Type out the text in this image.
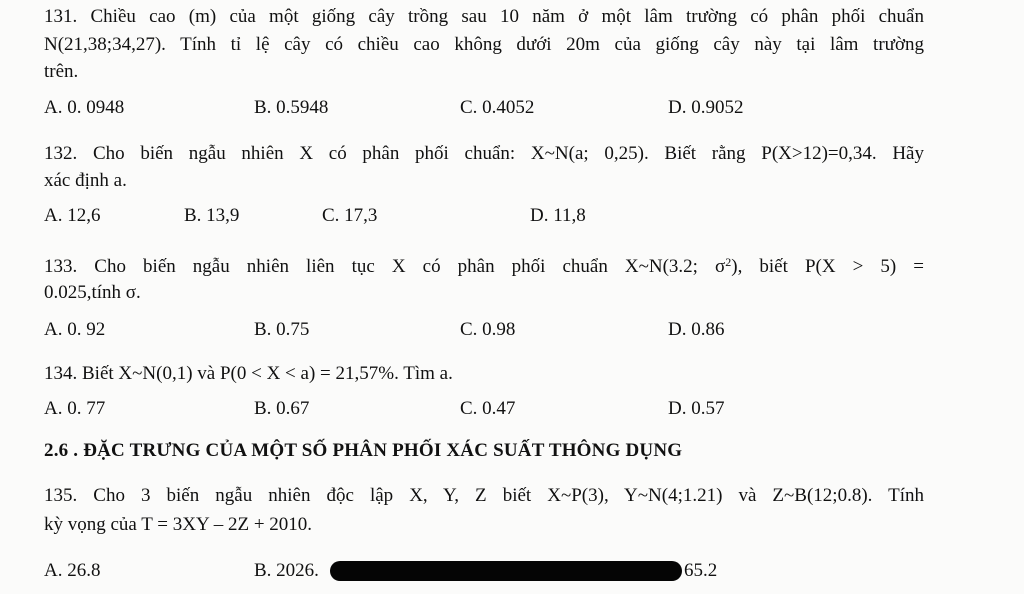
131. Chiều cao (m) của một giống cây trồng sau 10 năm ở một lâm trường có phân phối chuẩn
N(21,38;34,27). Tính tỉ lệ cây có chiều cao không dưới 20m của giống cây này tại lâm trường
trên.
A. 0. 0948	B. 0.5948	C. 0.4052	D. 0.9052
132. Cho biến ngẫu nhiên X có phân phối chuẩn: X~N(a; 0,25). Biết rằng P(X>12)=0,34. Hãy
xác định a.
A. 12,6	B. 13,9	C. 17,3	D. 11,8
133. Cho biến ngẫu nhiên liên tục X có phân phối chuẩn X~N(3.2; $\sigma^2$), biết P(X > 5) =
0.025,tính σ.
A. 0. 92	B. 0.75	C. 0.98	D. 0.86
134. Biết X~N(0,1) và P(0 < X < a) = 21,57%. Tìm a.
A. 0. 77	B. 0.67	C. 0.47	D. 0.57
2.6 . ĐẶC TRƯNG CỦA MỘT SỐ PHÂN PHỐI XÁC SUẤT THÔNG DỤNG
135. Cho 3 biến ngẫu nhiên độc lập X, Y, Z biết X~P(3), Y~N(4;1.21) và Z~B(12;0.8). Tính
kỳ vọng của T = 3XY – 2Z + 2010.
A. 26.8	B. 2026.	65.2
